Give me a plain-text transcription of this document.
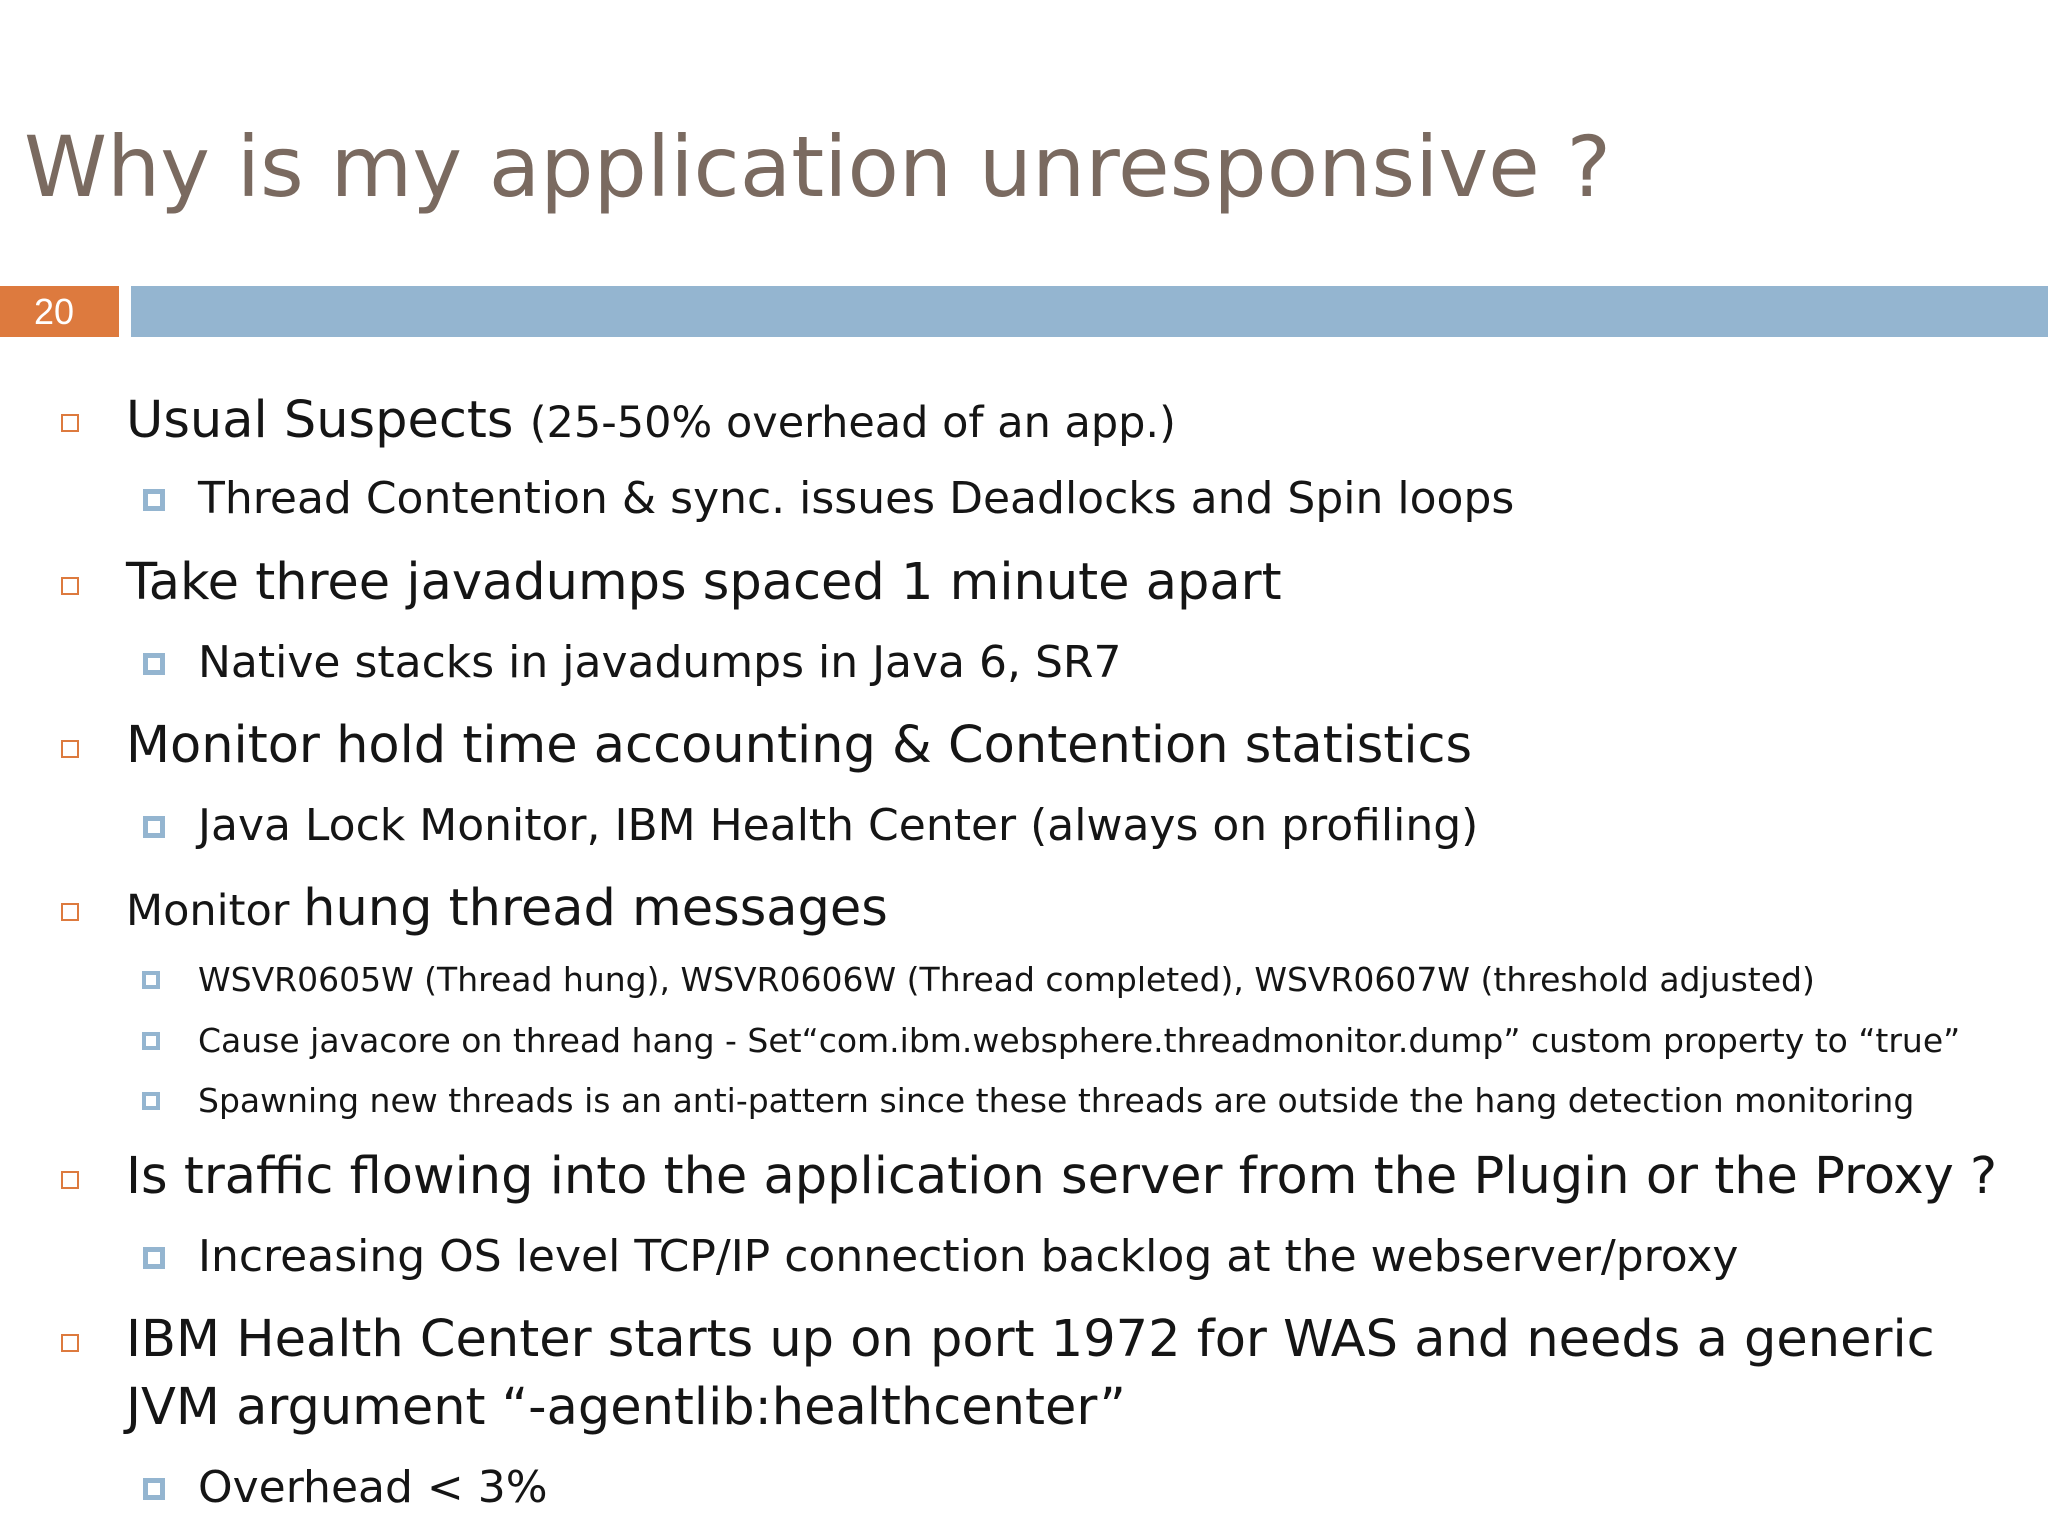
Why is my application unresponsive ?
20
Usual Suspects (25-50% overhead of an app.)
Thread Contention & sync. issues Deadlocks and Spin loops
Take three javadumps spaced 1 minute apart
Native stacks in javadumps in Java 6, SR7
Monitor hold time accounting & Contention statistics
Java Lock Monitor, IBM Health Center (always on profiling)
Monitor hung thread messages
WSVR0605W (Thread hung), WSVR0606W (Thread completed), WSVR0607W (threshold adjusted)
Cause javacore on thread hang - Set“com.ibm.websphere.threadmonitor.dump” custom property to “true”
Spawning new threads is an anti-pattern since these threads are outside the hang detection monitoring
Is traffic flowing into the application server from the Plugin or the Proxy ?
Increasing OS level TCP/IP connection backlog at the webserver/proxy
IBM Health Center starts up on port 1972 for WAS and needs a generic
JVM argument “-agentlib:healthcenter”
Overhead < 3%
